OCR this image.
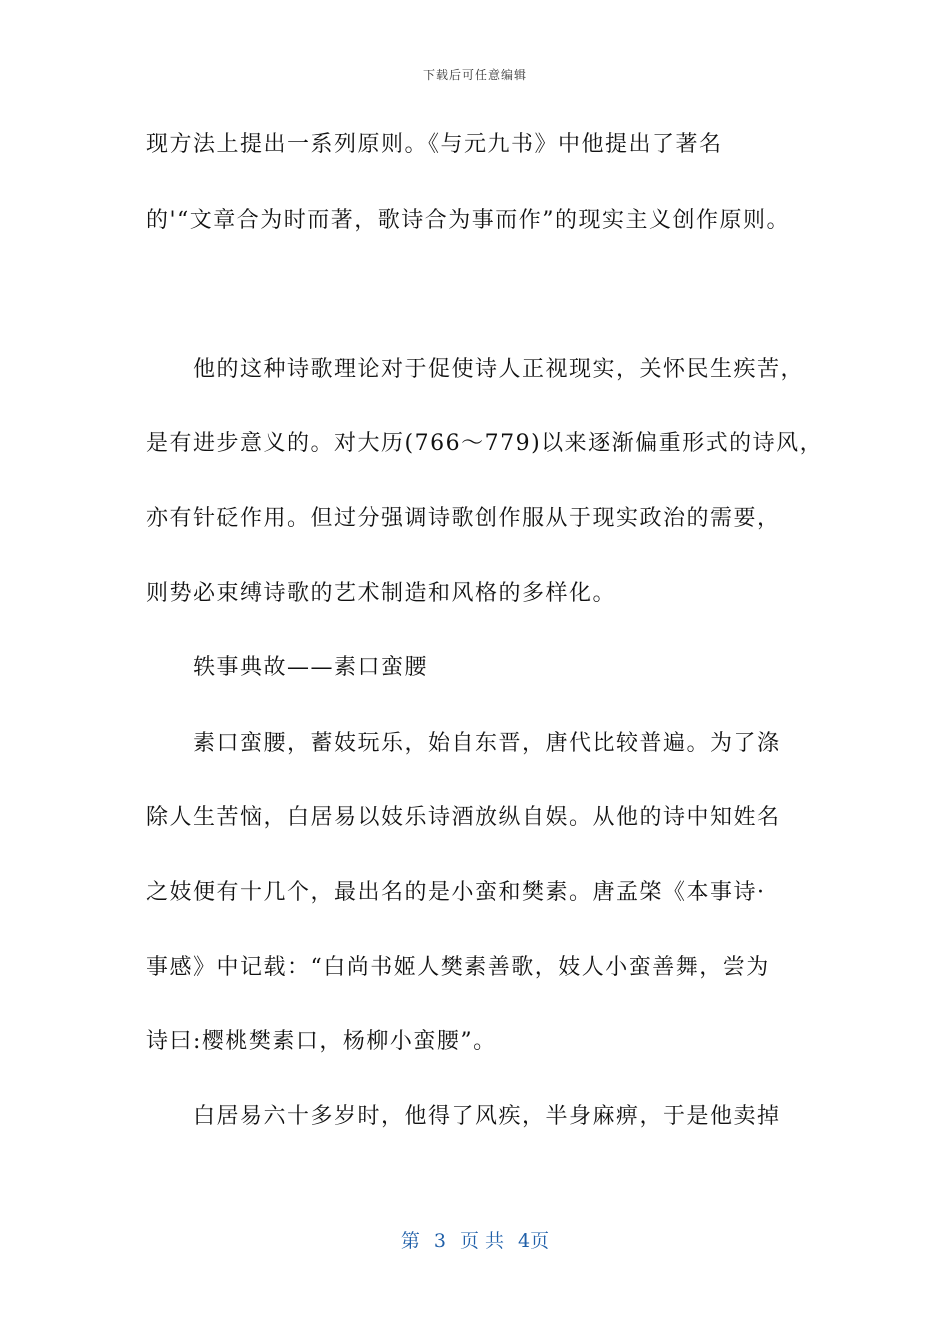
下载后可任意编辑
现方法上提出一系列原则。《与元九书》中他提出了著名
的'“文章合为时而著，歌诗合为事而作”的现实主义创作原则。
他的这种诗歌理论对于促使诗人正视现实，关怀民生疾苦，
是有进步意义的。对大历(766～779)以来逐渐偏重形式的诗风，
亦有针砭作用。但过分强调诗歌创作服从于现实政治的需要，
则势必束缚诗歌的艺术制造和风格的多样化。
轶事典故——素口蛮腰
素口蛮腰，蓄妓玩乐，始自东晋，唐代比较普遍。为了涤
除人生苦恼，白居易以妓乐诗酒放纵自娱。从他的诗中知姓名
之妓便有十几个，最出名的是小蛮和樊素。唐孟棨《本事诗·
事感》中记载：“白尚书姬人樊素善歌，妓人小蛮善舞，尝为
诗曰:樱桃樊素口，杨柳小蛮腰”。
白居易六十多岁时，他得了风疾，半身麻痹，于是他卖掉
第 3 页 共 4页
